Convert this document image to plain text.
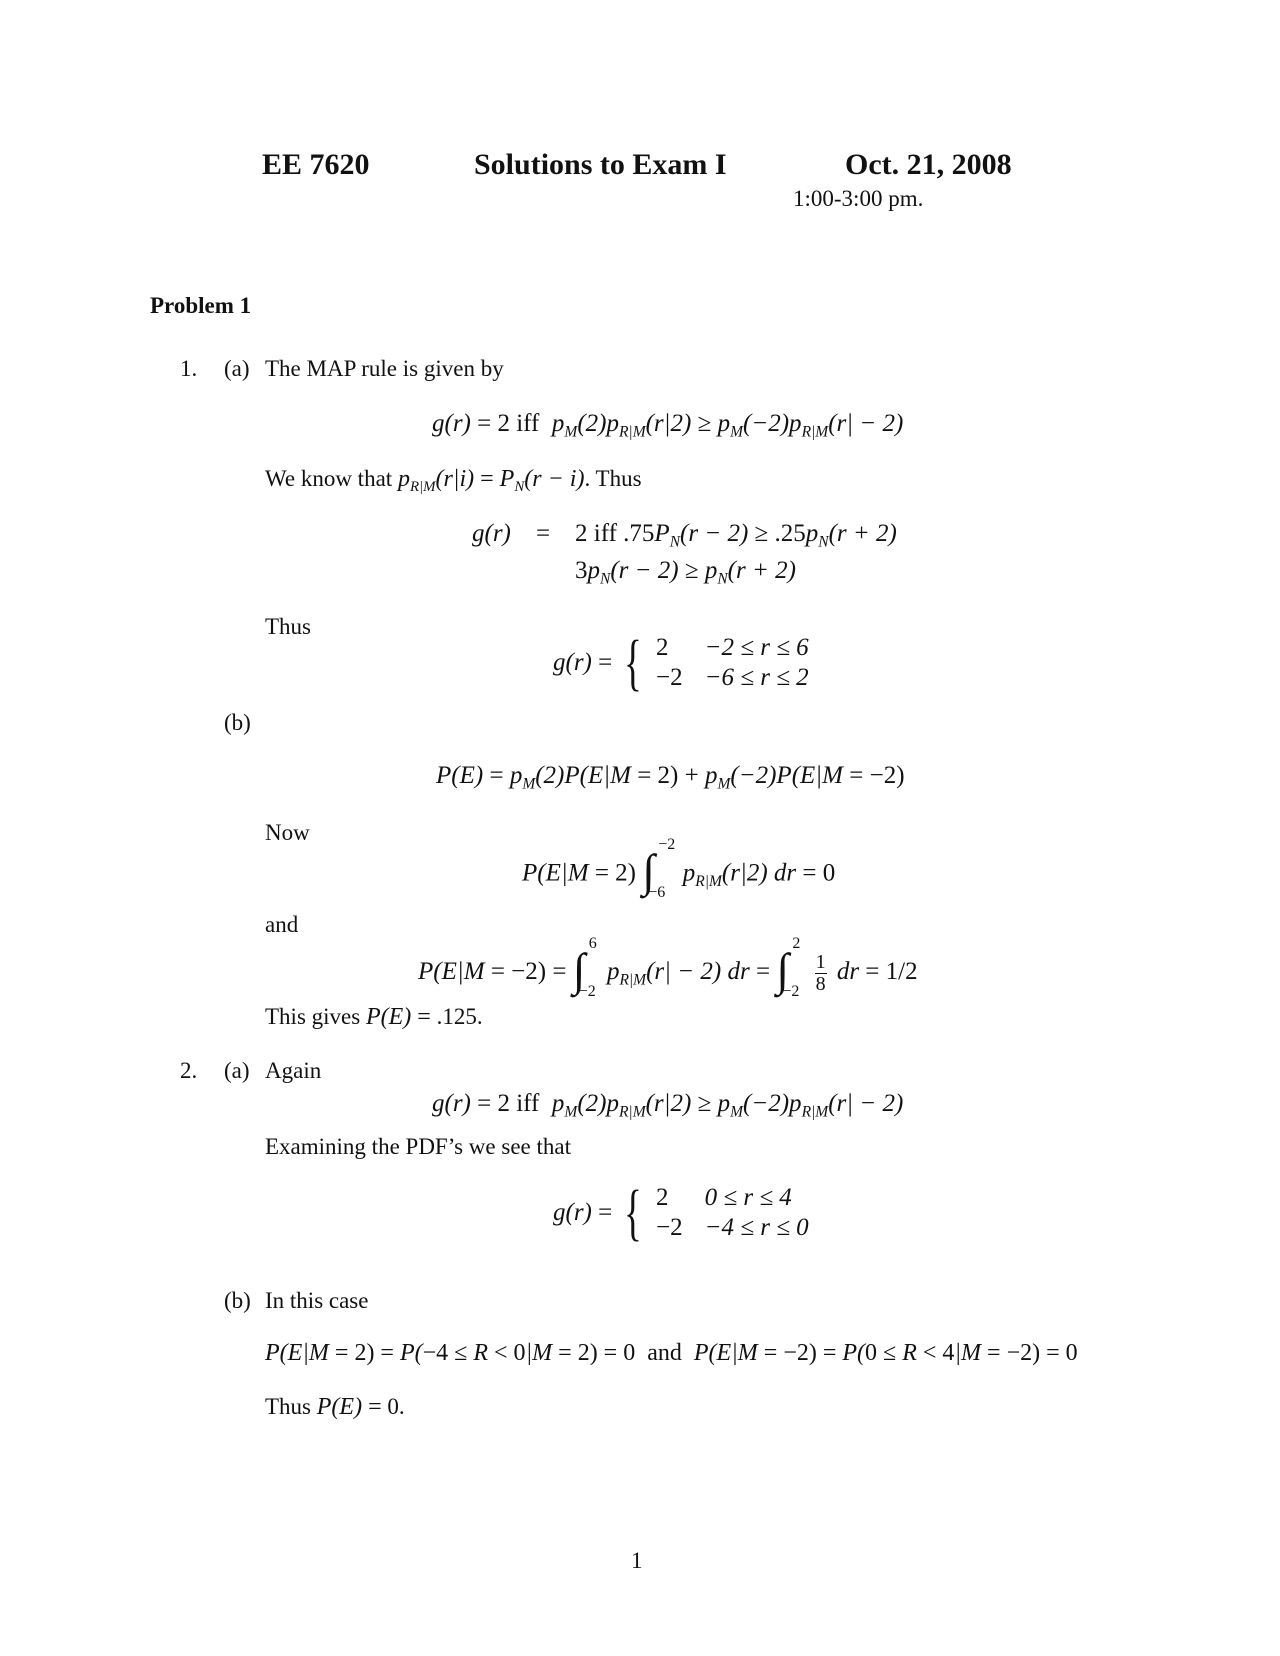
EE 7620	Solutions to Exam I	Oct. 21, 2008
1:00-3:00 pm.
Problem 1
1. (a) The MAP rule is given by
g(r) = 2 iff  $p_M(2)p_{R|M}(r|2) \ge p_M(-2)p_{R|M}(r| - 2)$
We know that $p_{R|M}(r|i) = P_N(r - i)$. Thus
g(r) = 2 iff $.75P_N(r - 2) \ge .25p_N(r + 2)$
$3p_N(r - 2) \ge p_N(r + 2)$
Thus
g(r) = { 2	−2 ≤ r ≤ 6
−2 −6 ≤ r ≤ 2
(b)
$P(E) = p_M(2)P(E|M = 2) + p_M(-2)P(E|M = -2)$
Now
P(E|M = 2) ∫
−2
−6
$p_{R|M}(r|2)$ dr = 0
and
P(E|M = −2) = ∫
6
−2
$p_{R|M}(r| - 2)$ dr = ∫
2
−2
$\frac{1}{8}$ dr = 1/2
This gives P(E) = .125.
2. (a) Again
g(r) = 2 iff  $p_M(2)p_{R|M}(r|2) \ge p_M(-2)p_{R|M}(r| - 2)$
Examining the PDF’s we see that
g(r) = { 2	0 ≤ r ≤ 4
−2 −4 ≤ r ≤ 0
(b) In this case
P(E|M = 2) = P(−4 ≤ R < 0|M = 2) = 0 and P(E|M = −2) = P(0 ≤ R < 4|M = −2) = 0
Thus P(E) = 0.
1
